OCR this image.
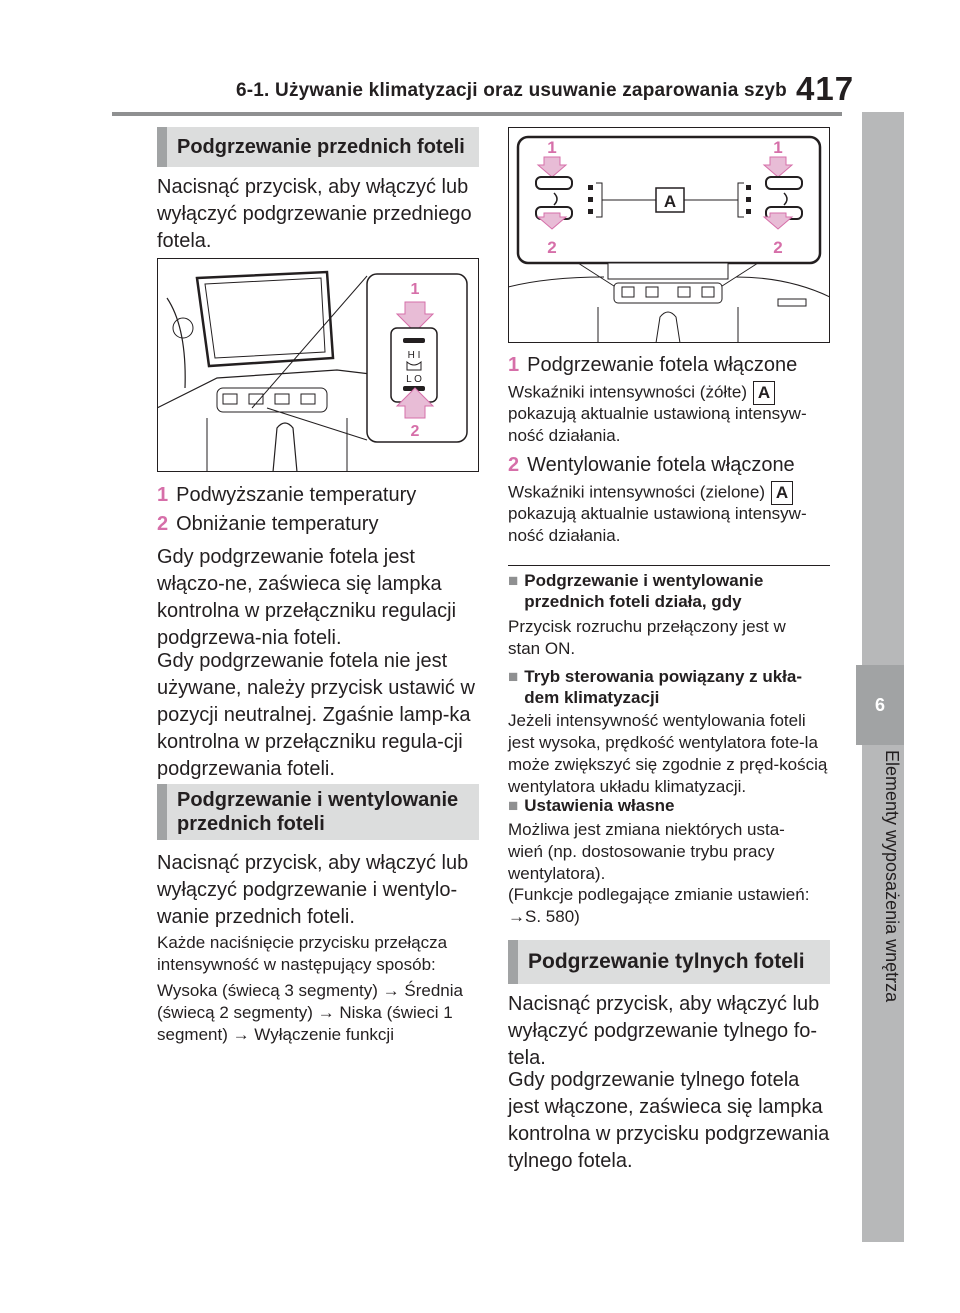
6-1. Używanie klimatyzacji oraz usuwanie zaparowania szyb 417
6
Elementy wyposażenia wnętrza
Podgrzewanie przednich foteli
Nacisnąć przycisk, aby włączyć lub wyłączyć podgrzewanie przedniego fotela.
1
H I
L O
2
1 Podwyższanie temperatury
2 Obniżanie temperatury
Gdy podgrzewanie fotela jest włączo-ne, zaświeca się lampka kontrolna w przełączniku regulacji podgrzewa-nia foteli.
Gdy podgrzewanie fotela nie jest używane, należy przycisk ustawić w pozycji neutralnej. Zgaśnie lamp-ka kontrolna w przełączniku regula-cji podgrzewania foteli.
Podgrzewanie i wentylowanie
przednich foteli
Nacisnąć przycisk, aby włączyć lub wyłączyć podgrzewanie i wentylo-wanie przednich foteli.
Każde naciśnięcie przycisku przełącza intensywność w następujący sposób:
Wysoka (świecą 3 segmenty) → Średnia (świecą 2 segmenty) → Niska (świeci 1 segment) → Wyłączenie funkcji
1	1
A
2	2
1 Podgrzewanie fotela włączone
Wskaźniki intensywności (żółte) A
pokazują aktualnie ustawioną intensyw-ność działania.
2 Wentylowanie fotela włączone
Wskaźniki intensywności (zielone) A
pokazują aktualnie ustawioną intensyw-ność działania.
■ Podgrzewanie i wentylowanie przednich foteli działa, gdy
Przycisk rozruchu przełączony jest w stan ON.
■ Tryb sterowania powiązany z ukła-dem klimatyzacji
Jeżeli intensywność wentylowania foteli jest wysoka, prędkość wentylatora fote-la może zwiększyć się zgodnie z pręd-kością wentylatora układu klimatyzacji.
■ Ustawienia własne
Możliwa jest zmiana niektórych usta-wień (np. dostosowanie trybu pracy wentylatora).
(Funkcje podlegające zmianie ustawień: →S. 580)
Podgrzewanie tylnych foteli
Nacisnąć przycisk, aby włączyć lub wyłączyć podgrzewanie tylnego fo-tela.
Gdy podgrzewanie tylnego fotela jest włączone, zaświeca się lampka kontrolna w przycisku podgrzewania tylnego fotela.
